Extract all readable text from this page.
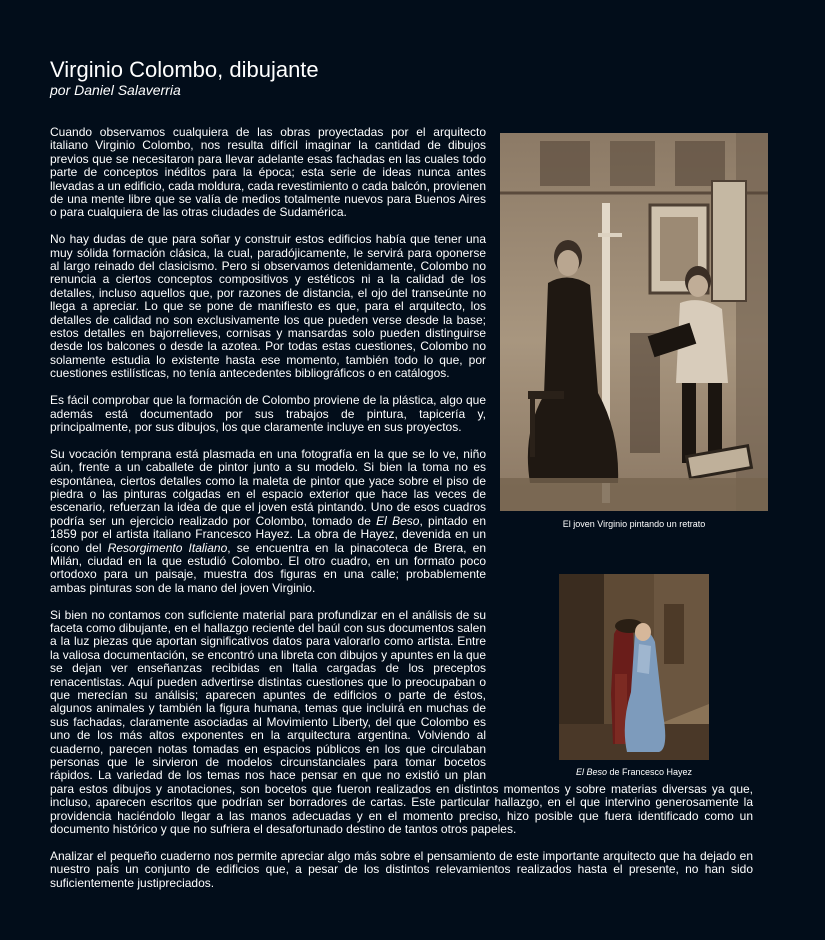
Virginio Colombo, dibujante

por Daniel Salaverria

El joven Virginio pintando un retrato

Cuando observamos cualquiera de las obras proyectadas por el arquitecto italiano Virginio Colombo, nos resulta difícil imaginar la cantidad de dibujos previos que se necesitaron para llevar adelante esas fachadas en las cuales todo parte de conceptos inéditos para la época; esta serie de ideas nunca antes llevadas a un edificio, cada moldura, cada revestimiento o cada balcón, provienen de una mente libre que se valía de medios totalmente nuevos para Buenos Aires o para cualquiera de las otras ciudades de Sudamérica.

No hay dudas de que para soñar y construir estos edificios había que tener una muy sólida formación clásica, la cual, paradójicamente, le servirá para oponerse al largo reinado del clasicismo. Pero si observamos detenidamente, Colombo no renuncia a ciertos conceptos compositivos y estéticos ni a la calidad de los detalles, incluso aquellos que, por razones de distancia, el ojo del transeúnte no llega a apreciar. Lo que se pone de manifiesto es que, para el arquitecto, los detalles de calidad no son exclusivamente los que pueden verse desde la base; estos detalles en bajorrelieves, cornisas y mansardas solo pueden distinguirse desde los balcones o desde la azotea. Por todas estas cuestiones, Colombo no solamente estudia lo existente hasta ese momento, también todo lo que, por cuestiones estilísticas, no tenía antecedentes bibliográficos o en catálogos.

Es fácil comprobar que la formación de Colombo proviene de la plástica, algo que además está documentado por sus trabajos de pintura, tapicería y, principalmente, por sus dibujos, los que claramente incluye en sus proyectos.

El Beso de Francesco Hayez

Su vocación temprana está plasmada en una fotografía en la que se lo ve, niño aún, frente a un caballete de pintor junto a su modelo. Si bien la toma no es espontánea, ciertos detalles como la maleta de pintor que yace sobre el piso de piedra o las pinturas colgadas en el espacio exterior que hace las veces de escenario, refuerzan la idea de que el joven está pintando. Uno de esos cuadros podría ser un ejercicio realizado por Colombo, tomado de El Beso, pintado en 1859 por el artista italiano Francesco Hayez. La obra de Hayez, devenida en un ícono del Resorgimento Italiano, se encuentra en la pinacoteca de Brera, en Milán, ciudad en la que estudió Colombo. El otro cuadro, en un formato poco ortodoxo para un paisaje, muestra dos figuras en una calle; probablemente ambas pinturas son de la mano del joven Virginio.

Si bien no contamos con suficiente material para profundizar en el análisis de su faceta como dibujante, en el hallazgo reciente del baúl con sus documentos salen a la luz piezas que aportan significativos datos para valorarlo como artista. Entre la valiosa documentación, se encontró una libreta con dibujos y apuntes en la que se dejan ver enseñanzas recibidas en Italia cargadas de los preceptos renacentistas. Aquí pueden advertirse distintas cuestiones que lo preocupaban o que merecían su análisis; aparecen apuntes de edificios o parte de éstos, algunos animales y también la figura humana, temas que incluirá en muchas de sus fachadas, claramente asociadas al Movimiento Liberty, del que Colombo es uno de los más altos exponentes en la arquitectura argentina. Volviendo al cuaderno, parecen notas tomadas en espacios públicos en los que circulaban personas que le sirvieron de modelos circunstanciales para tomar bocetos rápidos. La variedad de los temas nos hace pensar en que no existió un plan para estos dibujos y anotaciones, son bocetos que fueron realizados en distintos momentos y sobre materias diversas ya que, incluso, aparecen escritos que podrían ser borradores de cartas. Este particular hallazgo, en el que intervino generosamente la providencia haciéndolo llegar a las manos adecuadas y en el momento preciso, hizo posible que fuera identificado como un documento histórico y que no sufriera el desafortunado destino de tantos otros papeles.

Analizar el pequeño cuaderno nos permite apreciar algo más sobre el pensamiento de este importante arquitecto que ha dejado en nuestro país un conjunto de edificios que, a pesar de los distintos relevamientos realizados hasta el presente, no han sido suficientemente justipreciados.
